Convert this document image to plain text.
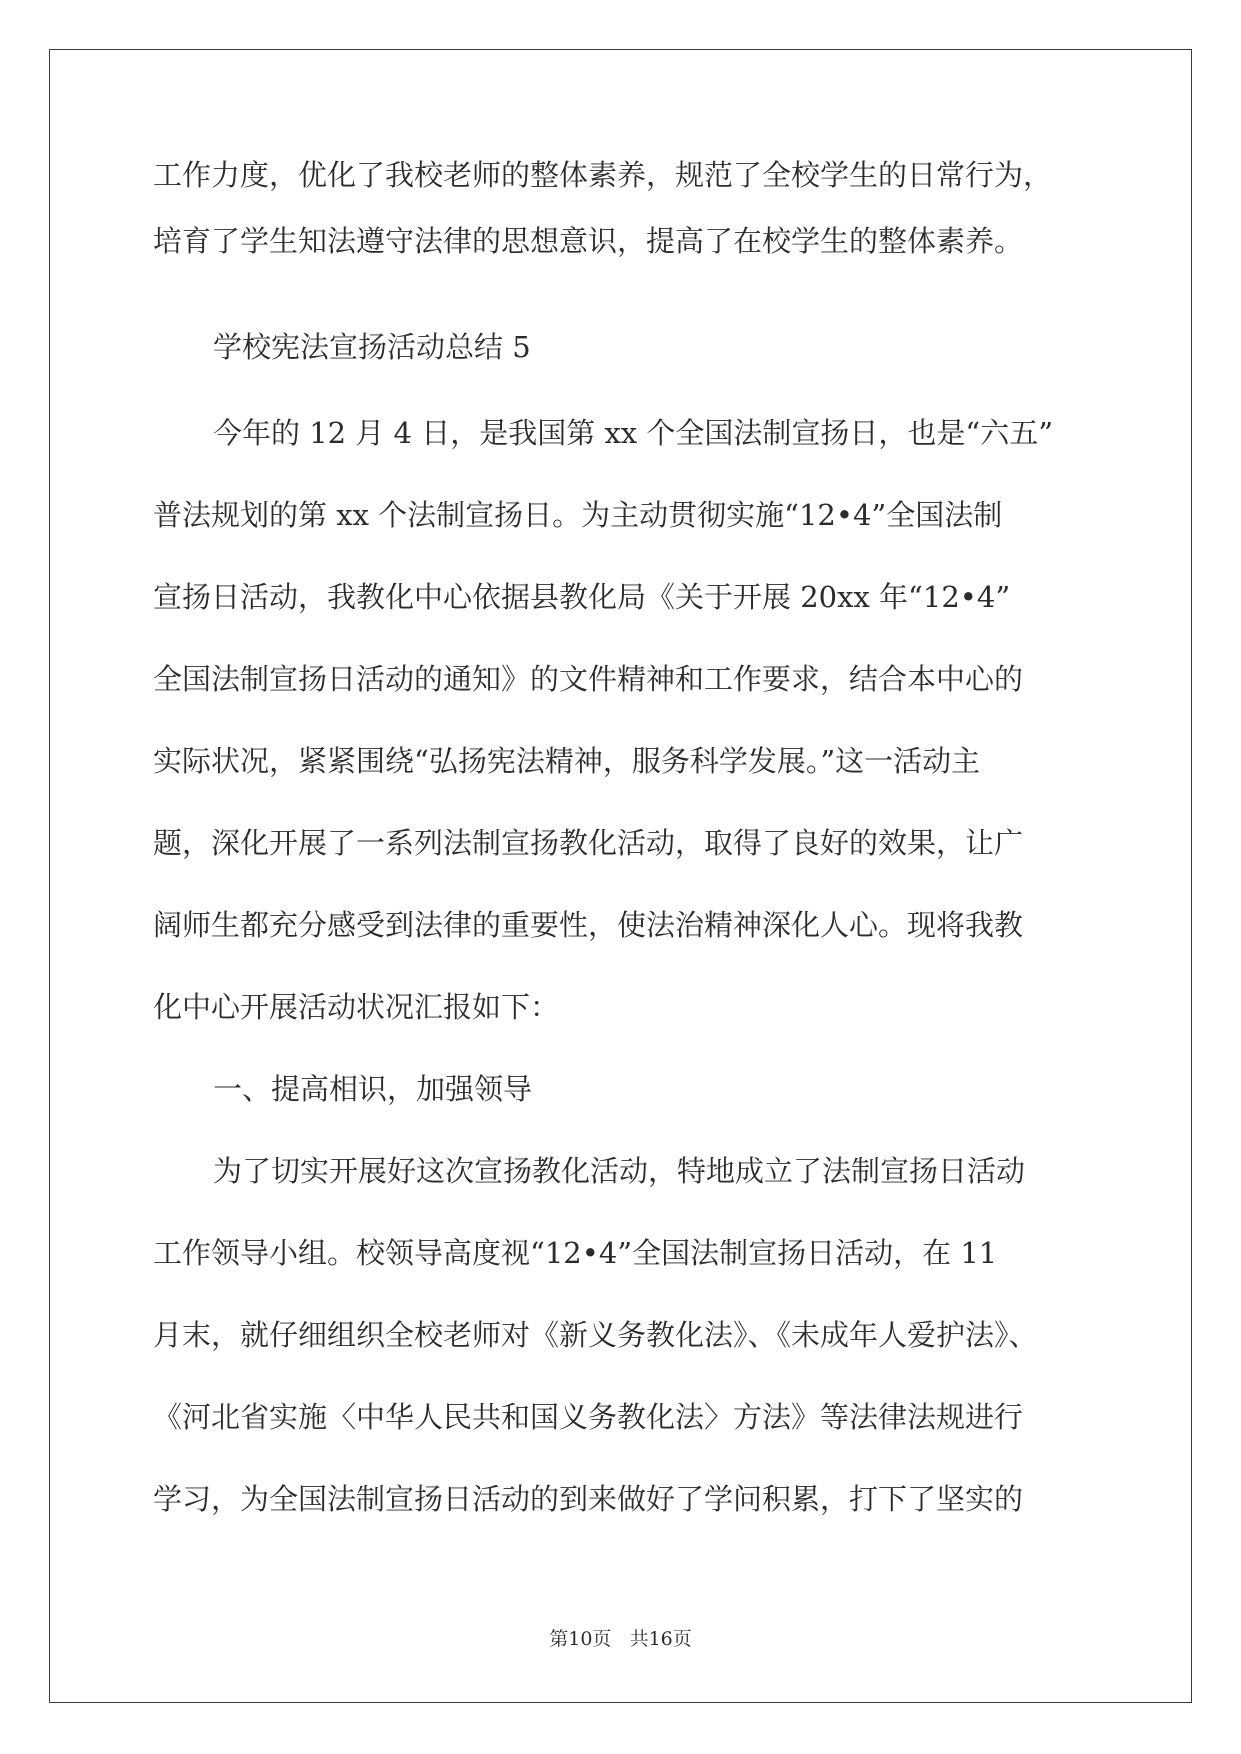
工作力度，优化了我校老师的整体素养，规范了全校学生的日常行为，
培育了学生知法遵守法律的思想意识，提高了在校学生的整体素养。
学校宪法宣扬活动总结 5
今年的 12 月 4 日，是我国第 xx 个全国法制宣扬日，也是“六五”
普法规划的第 xx 个法制宣扬日。为主动贯彻实施“12•4”全国法制
宣扬日活动，我教化中心依据县教化局《关于开展 20xx 年“12•4”
全国法制宣扬日活动的通知》的文件精神和工作要求，结合本中心的
实际状况，紧紧围绕“弘扬宪法精神，服务科学发展。”这一活动主
题，深化开展了一系列法制宣扬教化活动，取得了良好的效果，让广
阔师生都充分感受到法律的重要性，使法治精神深化人心。现将我教
化中心开展活动状况汇报如下：
一、提高相识，加强领导
为了切实开展好这次宣扬教化活动，特地成立了法制宣扬日活动
工作领导小组。校领导高度视“12•4”全国法制宣扬日活动，在 11
月末，就仔细组织全校老师对《新义务教化法》、《未成年人爱护法》、
《河北省实施〈中华人民共和国义务教化法〉方法》等法律法规进行
学习，为全国法制宣扬日活动的到来做好了学问积累，打下了坚实的
第10页 共16页
